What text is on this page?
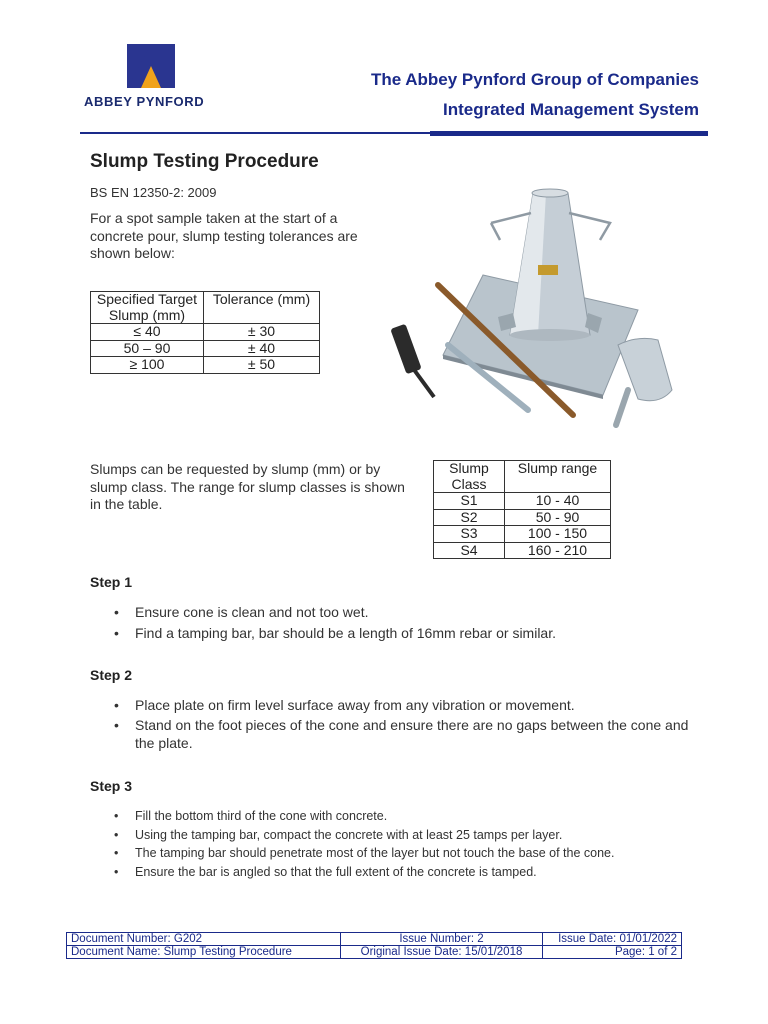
ABBEY PYNFORD
The Abbey Pynford Group of Companies
Integrated Management System
Slump Testing Procedure
BS EN 12350-2: 2009
For a spot sample taken at the start of a concrete pour, slump testing tolerances are shown below:
Specified Target Slump (mm)	Tolerance (mm)
≤ 40	± 30
50 – 90	± 40
≥ 100	± 50
Slumps can be requested by slump (mm) or by slump class. The range for slump classes is shown in the table.
Slump Class	Slump range
S1	10 - 40
S2	50 - 90
S3	100 - 150
S4	160 - 210
Step 1
• Ensure cone is clean and not too wet.
• Find a tamping bar, bar should be a length of 16mm rebar or similar.
Step 2
• Place plate on firm level surface away from any vibration or movement.
• Stand on the foot pieces of the cone and ensure there are no gaps between the cone and the plate.
Step 3
• Fill the bottom third of the cone with concrete.
• Using the tamping bar, compact the concrete with at least 25 tamps per layer.
• The tamping bar should penetrate most of the layer but not touch the base of the cone.
• Ensure the bar is angled so that the full extent of the concrete is tamped.
Document Number: G202	Issue Number: 2	Issue Date: 01/01/2022
Document Name: Slump Testing Procedure	Original Issue Date: 15/01/2018	Page: 1 of 2
